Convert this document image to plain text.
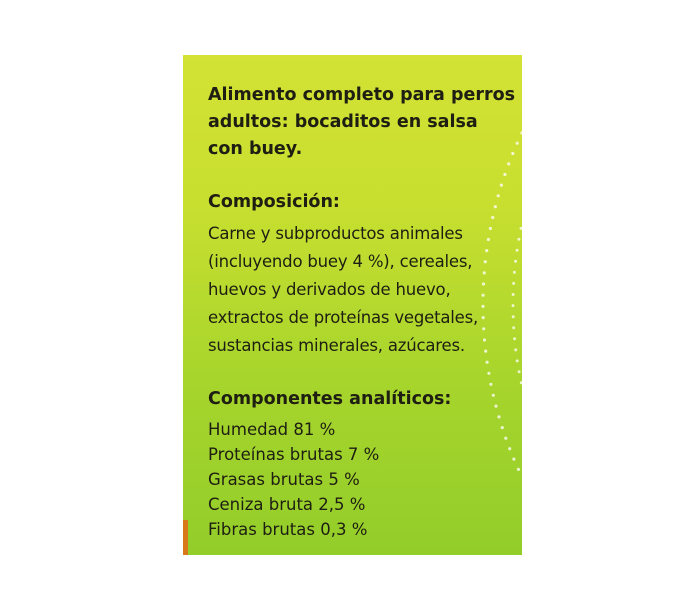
Alimento completo para perros adultos: bocaditos en salsa con buey.

Composición:

Carne y subproductos animales (incluyendo buey 4 %), cereales, huevos y derivados de huevo, extractos de proteínas vegetales, sustancias minerales, azúcares.

Componentes analíticos:
Humedad 81 %
Proteínas brutas 7 %
Grasas brutas 5 %
Ceniza bruta 2,5 %
Fibras brutas 0,3 %
